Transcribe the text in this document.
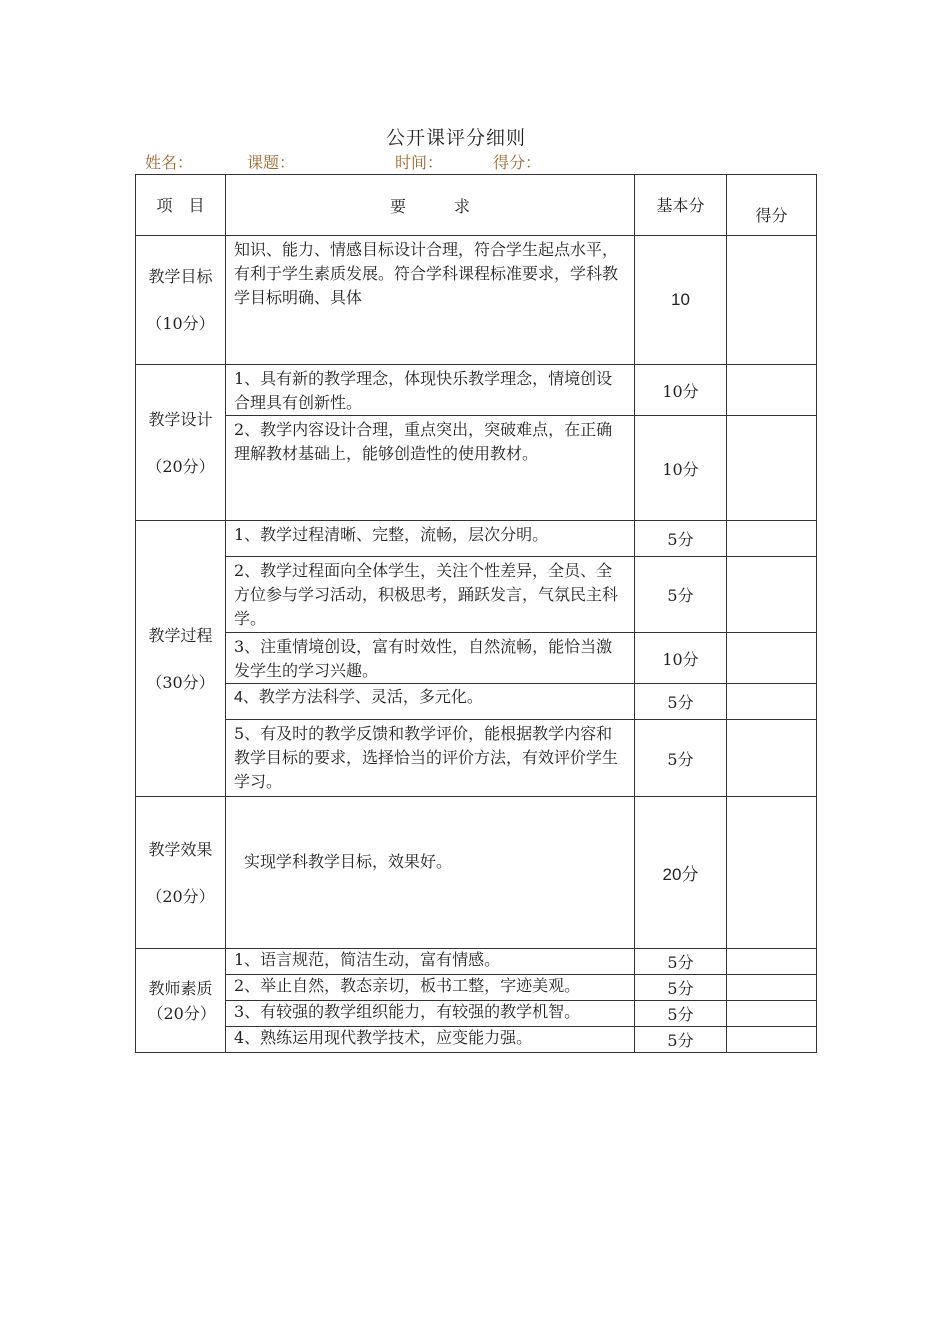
公开课评分细则
姓名：	课题：	时间：	得分：
项　目	要　　　求	基本分	得分
教学目标
（10分）	知识、能力、情感目标设计合理，符合学生起点水平，有利于学生素质发展。符合学科课程标准要求，学科教学目标明确、具体	10	
教学设计
（20分）	1、具有新的教学理念，体现快乐教学理念，情境创设合理具有创新性。	10分	
	2、教学内容设计合理，重点突出，突破难点，在正确理解教材基础上，能够创造性的使用教材。	10分	
教学过程
（30分）	1、教学过程清晰、完整，流畅，层次分明。	5分	
	2、教学过程面向全体学生，关注个性差异，全员、全方位参与学习活动，积极思考，踊跃发言，气氛民主科学。	5分	
	3、注重情境创设，富有时效性，自然流畅，能恰当激发学生的学习兴趣。	10分	
	4、教学方法科学、灵活，多元化。	5分	
	5、有及时的教学反馈和教学评价，能根据教学内容和教学目标的要求，选择恰当的评价方法，有效评价学生学习。	5分	
教学效果
（20分）	实现学科教学目标，效果好。	20分	
教师素质（20分）	1、语言规范，简洁生动，富有情感。	5分	
	2、举止自然，教态亲切，板书工整，字迹美观。	5分	
	3、有较强的教学组织能力，有较强的教学机智。	5分	
	4、熟练运用现代教学技术，应变能力强。	5分	
